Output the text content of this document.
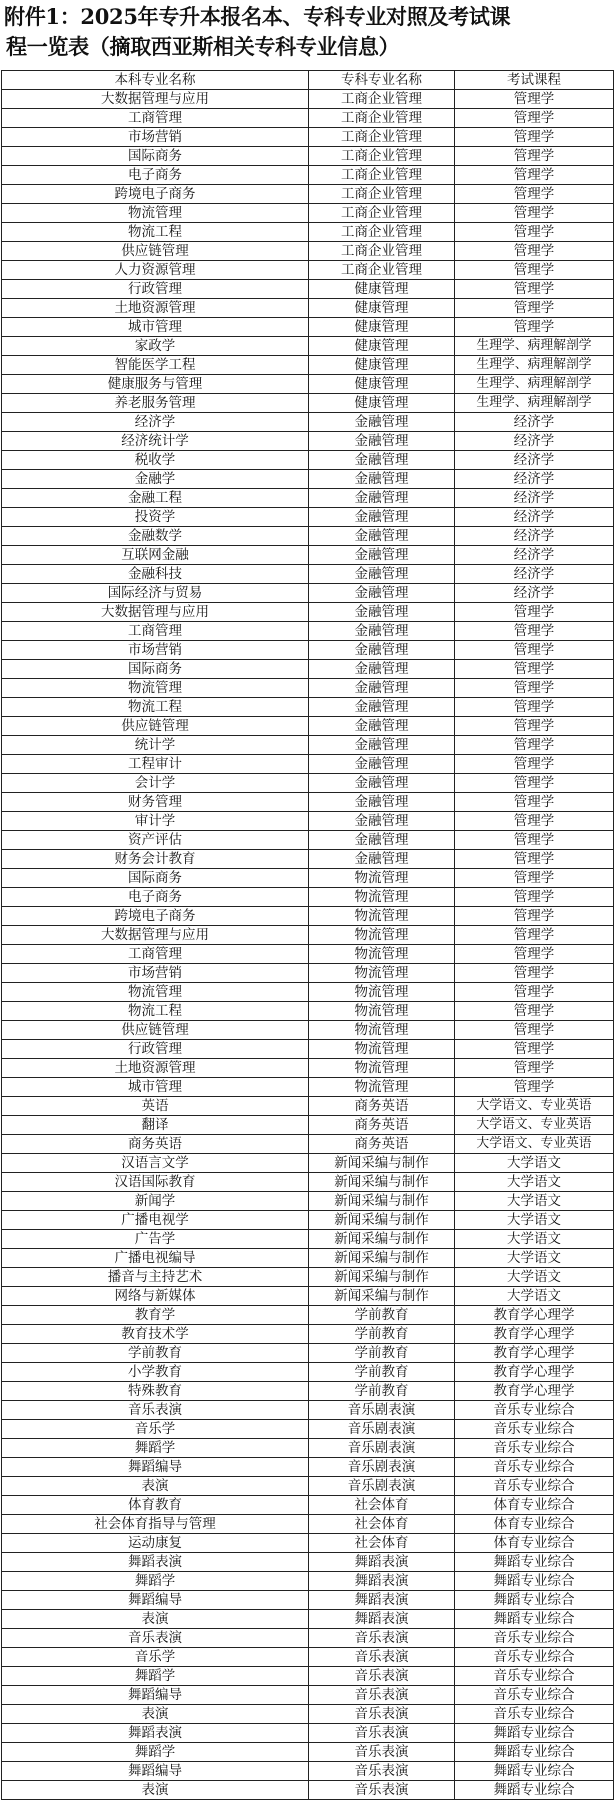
附件1：2025年专升本报名本、专科专业对照及考试课
程一览表（摘取西亚斯相关专科专业信息）
本科专业名称	专科专业名称	考试课程
大数据管理与应用	工商企业管理	管理学
工商管理	工商企业管理	管理学
市场营销	工商企业管理	管理学
国际商务	工商企业管理	管理学
电子商务	工商企业管理	管理学
跨境电子商务	工商企业管理	管理学
物流管理	工商企业管理	管理学
物流工程	工商企业管理	管理学
供应链管理	工商企业管理	管理学
人力资源管理	工商企业管理	管理学
行政管理	健康管理	管理学
土地资源管理	健康管理	管理学
城市管理	健康管理	管理学
家政学	健康管理	生理学、病理解剖学
智能医学工程	健康管理	生理学、病理解剖学
健康服务与管理	健康管理	生理学、病理解剖学
养老服务管理	健康管理	生理学、病理解剖学
经济学	金融管理	经济学
经济统计学	金融管理	经济学
税收学	金融管理	经济学
金融学	金融管理	经济学
金融工程	金融管理	经济学
投资学	金融管理	经济学
金融数学	金融管理	经济学
互联网金融	金融管理	经济学
金融科技	金融管理	经济学
国际经济与贸易	金融管理	经济学
大数据管理与应用	金融管理	管理学
工商管理	金融管理	管理学
市场营销	金融管理	管理学
国际商务	金融管理	管理学
物流管理	金融管理	管理学
物流工程	金融管理	管理学
供应链管理	金融管理	管理学
统计学	金融管理	管理学
工程审计	金融管理	管理学
会计学	金融管理	管理学
财务管理	金融管理	管理学
审计学	金融管理	管理学
资产评估	金融管理	管理学
财务会计教育	金融管理	管理学
国际商务	物流管理	管理学
电子商务	物流管理	管理学
跨境电子商务	物流管理	管理学
大数据管理与应用	物流管理	管理学
工商管理	物流管理	管理学
市场营销	物流管理	管理学
物流管理	物流管理	管理学
物流工程	物流管理	管理学
供应链管理	物流管理	管理学
行政管理	物流管理	管理学
土地资源管理	物流管理	管理学
城市管理	物流管理	管理学
英语	商务英语	大学语文、专业英语
翻译	商务英语	大学语文、专业英语
商务英语	商务英语	大学语文、专业英语
汉语言文学	新闻采编与制作	大学语文
汉语国际教育	新闻采编与制作	大学语文
新闻学	新闻采编与制作	大学语文
广播电视学	新闻采编与制作	大学语文
广告学	新闻采编与制作	大学语文
广播电视编导	新闻采编与制作	大学语文
播音与主持艺术	新闻采编与制作	大学语文
网络与新媒体	新闻采编与制作	大学语文
教育学	学前教育	教育学心理学
教育技术学	学前教育	教育学心理学
学前教育	学前教育	教育学心理学
小学教育	学前教育	教育学心理学
特殊教育	学前教育	教育学心理学
音乐表演	音乐剧表演	音乐专业综合
音乐学	音乐剧表演	音乐专业综合
舞蹈学	音乐剧表演	音乐专业综合
舞蹈编导	音乐剧表演	音乐专业综合
表演	音乐剧表演	音乐专业综合
体育教育	社会体育	体育专业综合
社会体育指导与管理	社会体育	体育专业综合
运动康复	社会体育	体育专业综合
舞蹈表演	舞蹈表演	舞蹈专业综合
舞蹈学	舞蹈表演	舞蹈专业综合
舞蹈编导	舞蹈表演	舞蹈专业综合
表演	舞蹈表演	舞蹈专业综合
音乐表演	音乐表演	音乐专业综合
音乐学	音乐表演	音乐专业综合
舞蹈学	音乐表演	音乐专业综合
舞蹈编导	音乐表演	音乐专业综合
表演	音乐表演	音乐专业综合
舞蹈表演	音乐表演	舞蹈专业综合
舞蹈学	音乐表演	舞蹈专业综合
舞蹈编导	音乐表演	舞蹈专业综合
表演	音乐表演	舞蹈专业综合
